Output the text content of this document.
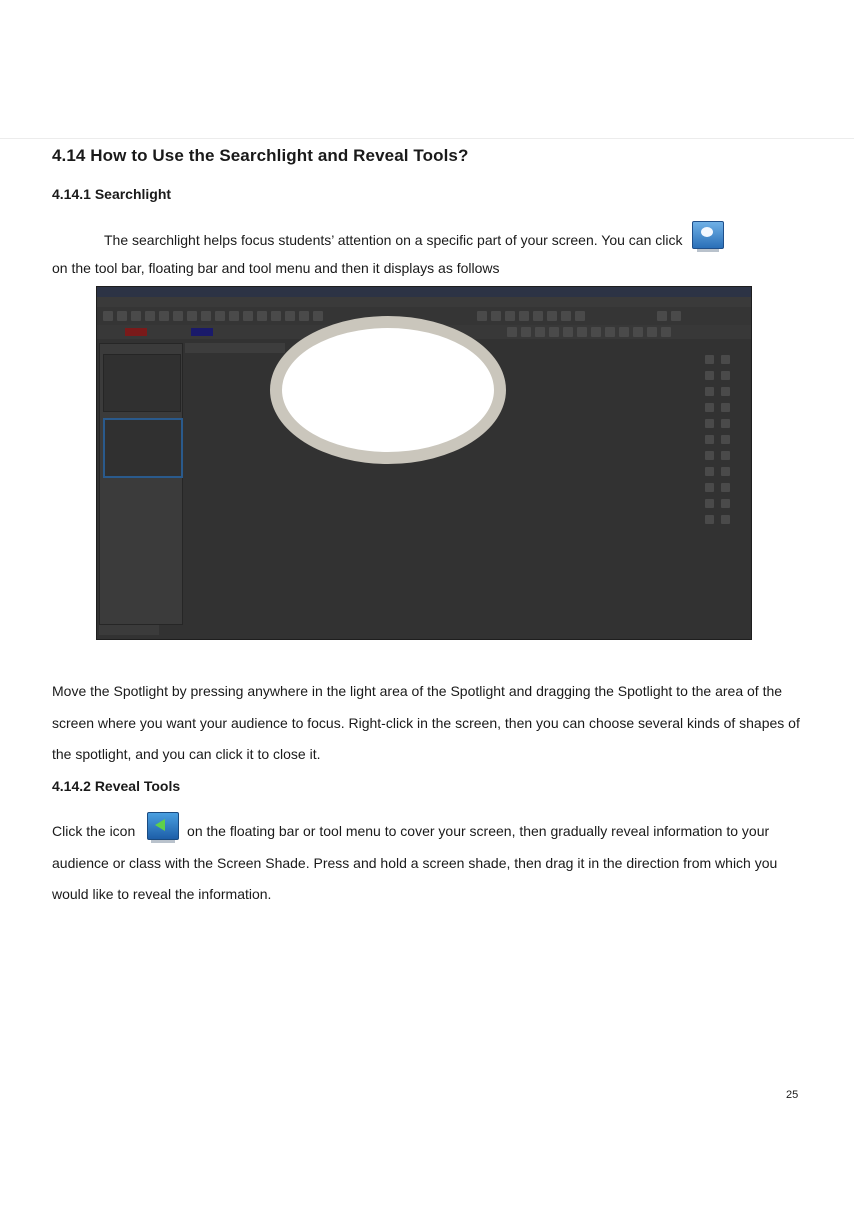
4.14 How to Use the Searchlight and Reveal Tools?
4.14.1 Searchlight

The searchlight helps focus students’ attention on a specific part of your screen. You can click

on the tool bar, floating bar and tool menu and then it displays as follows

Move the Spotlight by pressing anywhere in the light area of the Spotlight and dragging the Spotlight to the area of the screen where you want your audience to focus. Right-click in the screen, then you can choose several kinds of shapes of the spotlight, and you can click it to close it.

4.14.2 Reveal Tools

Click the icon	on the floating bar or tool menu to cover your screen, then gradually reveal information to your audience or class with the Screen Shade. Press and hold a screen shade, then drag it in the direction from which you would like to reveal the information.

25
